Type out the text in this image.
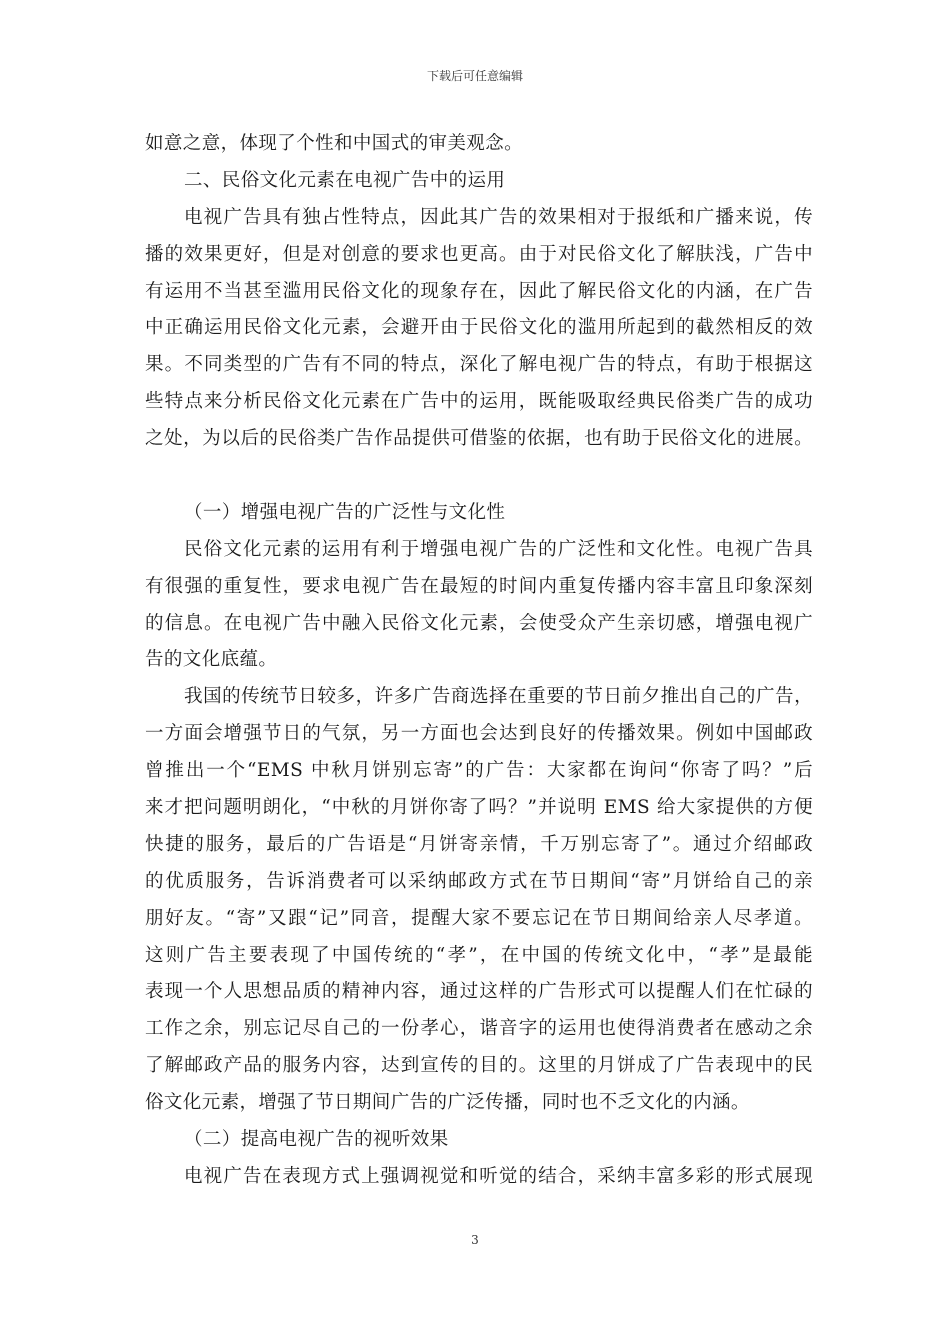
下载后可任意编辑
如意之意，体现了个性和中国式的审美观念。
二、民俗文化元素在电视广告中的运用
电视广告具有独占性特点，因此其广告的效果相对于报纸和广播来说，传
播的效果更好，但是对创意的要求也更高。由于对民俗文化了解肤浅，广告中
有运用不当甚至滥用民俗文化的现象存在，因此了解民俗文化的内涵，在广告
中正确运用民俗文化元素，会避开由于民俗文化的滥用所起到的截然相反的效
果。不同类型的广告有不同的特点，深化了解电视广告的特点，有助于根据这
些特点来分析民俗文化元素在广告中的运用，既能吸取经典民俗类广告的成功
之处，为以后的民俗类广告作品提供可借鉴的依据，也有助于民俗文化的进展。
（一）增强电视广告的广泛性与文化性
民俗文化元素的运用有利于增强电视广告的广泛性和文化性。电视广告具
有很强的重复性，要求电视广告在最短的时间内重复传播内容丰富且印象深刻
的信息。在电视广告中融入民俗文化元素，会使受众产生亲切感，增强电视广
告的文化底蕴。
我国的传统节日较多，许多广告商选择在重要的节日前夕推出自己的广告，
一方面会增强节日的气氛，另一方面也会达到良好的传播效果。例如中国邮政
曾推出一个“EMS 中秋月饼别忘寄”的广告：大家都在询问“你寄了吗？”后
来才把问题明朗化，“中秋的月饼你寄了吗？”并说明 EMS 给大家提供的方便
快捷的服务，最后的广告语是“月饼寄亲情，千万别忘寄了”。通过介绍邮政
的优质服务，告诉消费者可以采纳邮政方式在节日期间“寄”月饼给自己的亲
朋好友。“寄”又跟“记”同音，提醒大家不要忘记在节日期间给亲人尽孝道。
这则广告主要表现了中国传统的“孝”，在中国的传统文化中，“孝”是最能
表现一个人思想品质的精神内容，通过这样的广告形式可以提醒人们在忙碌的
工作之余，别忘记尽自己的一份孝心，谐音字的运用也使得消费者在感动之余
了解邮政产品的服务内容，达到宣传的目的。这里的月饼成了广告表现中的民
俗文化元素，增强了节日期间广告的广泛传播，同时也不乏文化的内涵。
（二）提高电视广告的视听效果
电视广告在表现方式上强调视觉和听觉的结合，采纳丰富多彩的形式展现
3
